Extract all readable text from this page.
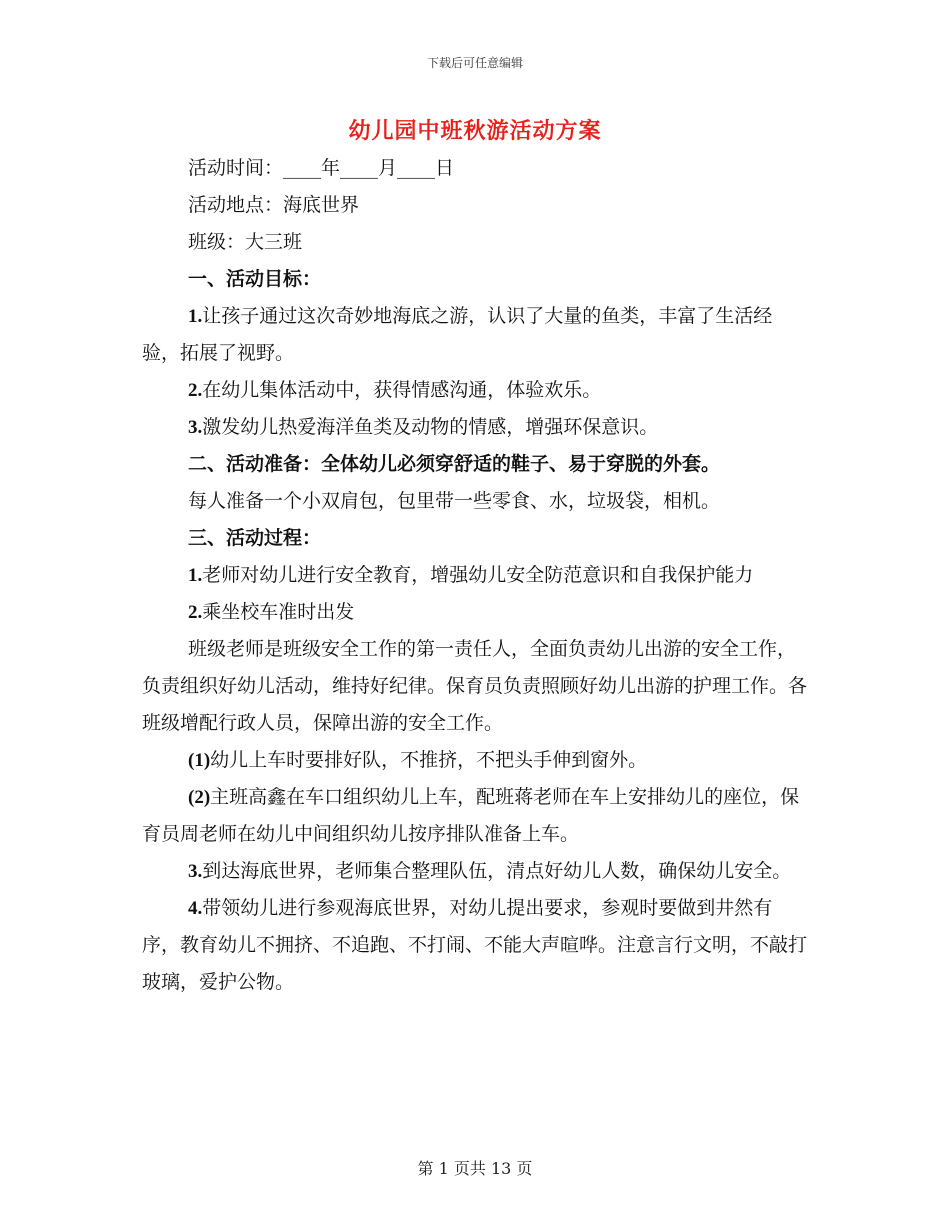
下载后可任意编辑
幼儿园中班秋游活动方案

活动时间：____年____月____日

活动地点：海底世界

班级：大三班

一、活动目标：

1.让孩子通过这次奇妙地海底之游，认识了大量的鱼类，丰富了生活经验，拓展了视野。

2.在幼儿集体活动中，获得情感沟通，体验欢乐。

3.激发幼儿热爱海洋鱼类及动物的情感，增强环保意识。

二、活动准备：全体幼儿必须穿舒适的鞋子、易于穿脱的外套。

每人准备一个小双肩包，包里带一些零食、水，垃圾袋，相机。

三、活动过程：

1.老师对幼儿进行安全教育，增强幼儿安全防范意识和自我保护能力

2.乘坐校车准时出发

班级老师是班级安全工作的第一责任人，全面负责幼儿出游的安全工作，负责组织好幼儿活动，维持好纪律。保育员负责照顾好幼儿出游的护理工作。各班级增配行政人员，保障出游的安全工作。

(1)幼儿上车时要排好队，不推挤，不把头手伸到窗外。

(2)主班高鑫在车口组织幼儿上车，配班蒋老师在车上安排幼儿的座位，保育员周老师在幼儿中间组织幼儿按序排队准备上车。

3.到达海底世界，老师集合整理队伍，清点好幼儿人数，确保幼儿安全。

4.带领幼儿进行参观海底世界，对幼儿提出要求，参观时要做到井然有序，教育幼儿不拥挤、不追跑、不打闹、不能大声暄哗。注意言行文明，不敲打玻璃，爱护公物。

第 1 页共 13 页
